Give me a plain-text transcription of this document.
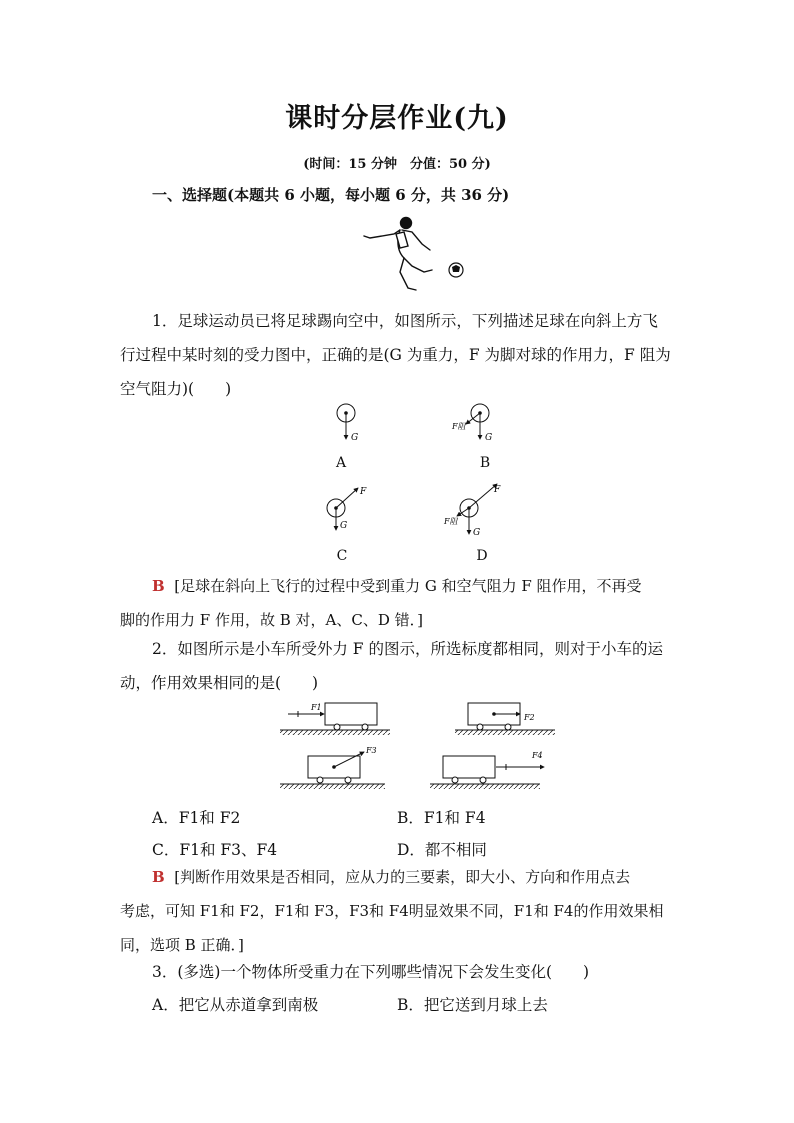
课时分层作业(九)
(时间：15 分钟　分值：50 分)
一、选择题(本题共 6 小题，每小题 6 分，共 36 分)
1．足球运动员已将足球踢向空中，如图所示，下列描述足球在向斜上方飞
行过程中某时刻的受力图中，正确的是(G 为重力，F 为脚对球的作用力，F 阻为
空气阻力)(　　)
G	G
F阻
G
F
G
F
F阻
A	B
C	D
B [足球在斜向上飞行的过程中受到重力 G 和空气阻力 F 阻作用，不再受
脚的作用力 F 作用，故 B 对，A、C、D 错．]
2．如图所示是小车所受外力 F 的图示，所选标度都相同，则对于小车的运
动，作用效果相同的是(　　)
F1
F2
F3
F4
A．F1和 F2	B．F1和 F4
C．F1和 F3、F4	D．都不相同
B [判断作用效果是否相同，应从力的三要素，即大小、方向和作用点去
考虑，可知 F1和 F2，F1和 F3，F3和 F4明显效果不同，F1和 F4的作用效果相
同，选项 B 正确．]
3．(多选)一个物体所受重力在下列哪些情况下会发生变化(　　)
A．把它从赤道拿到南极	B．把它送到月球上去
